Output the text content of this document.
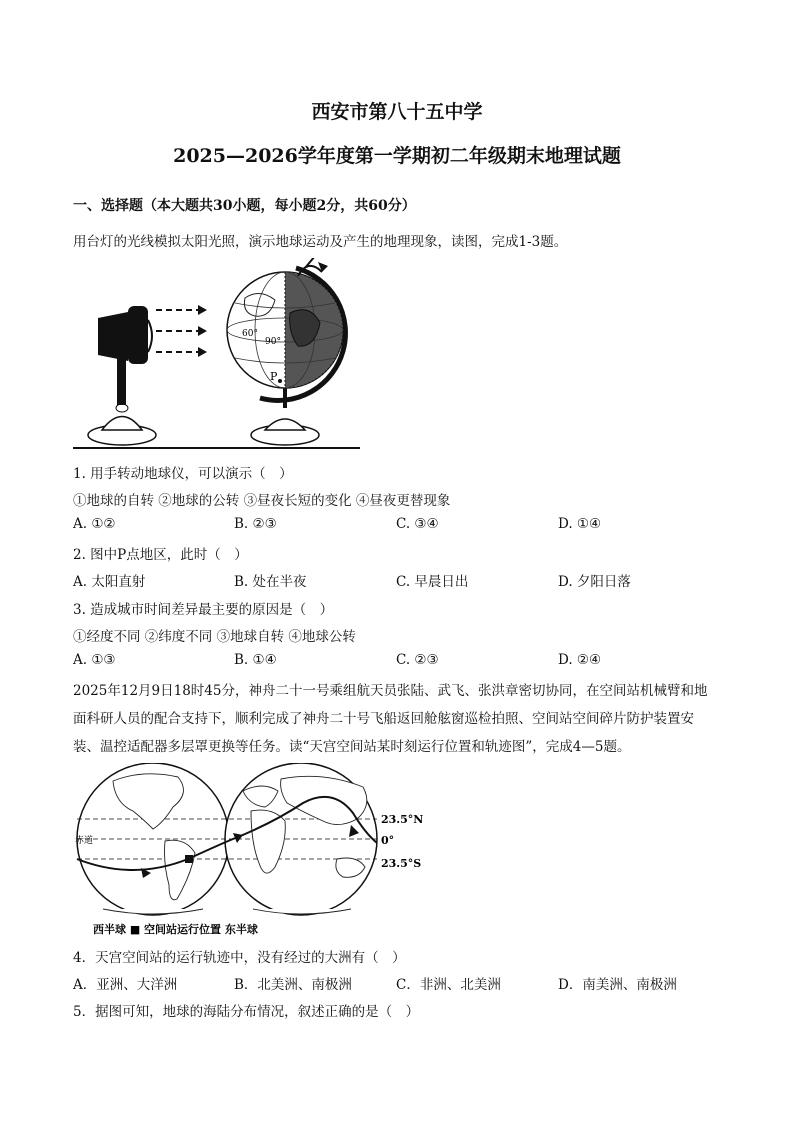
西安市第八十五中学
2025—2026学年度第一学期初二年级期末地理试题
一、选择题（本大题共30小题，每小题2分，共60分）
用台灯的光线模拟太阳光照，演示地球运动及产生的地理现象，读图，完成1-3题。
60°
90°
P
1. 用手转动地球仪，可以演示（　）
①地球的自转 ②地球的公转 ③昼夜长短的变化 ④昼夜更替现象
A. ①②	B. ②③	C. ③④	D. ①④
2. 图中P点地区，此时（　）
A. 太阳直射	B. 处在半夜	C. 早晨日出	D. 夕阳日落
3. 造成城市时间差异最主要的原因是（　）
①经度不同 ②纬度不同 ③地球自转 ④地球公转
A. ①③	B. ①④	C. ②③	D. ②④
2025年12月9日18时45分，神舟二十一号乘组航天员张陆、武飞、张洪章密切协同，在空间站机械臂和地
面科研人员的配合支持下，顺利完成了神舟二十号飞船返回舱舷窗巡检拍照、空间站空间碎片防护装置安
装、温控适配器多层罩更换等任务。读“天宫空间站某时刻运行位置和轨迹图”，完成4—5题。
赤道
23.5°N
0°
23.5°S
西半球 ■ 空间站运行位置 东半球
4．天宫空间站的运行轨迹中，没有经过的大洲有（　）
A．亚洲、大洋洲	B．北美洲、南极洲	C．非洲、北美洲	D．南美洲、南极洲
5．据图可知，地球的海陆分布情况，叙述正确的是（　）
